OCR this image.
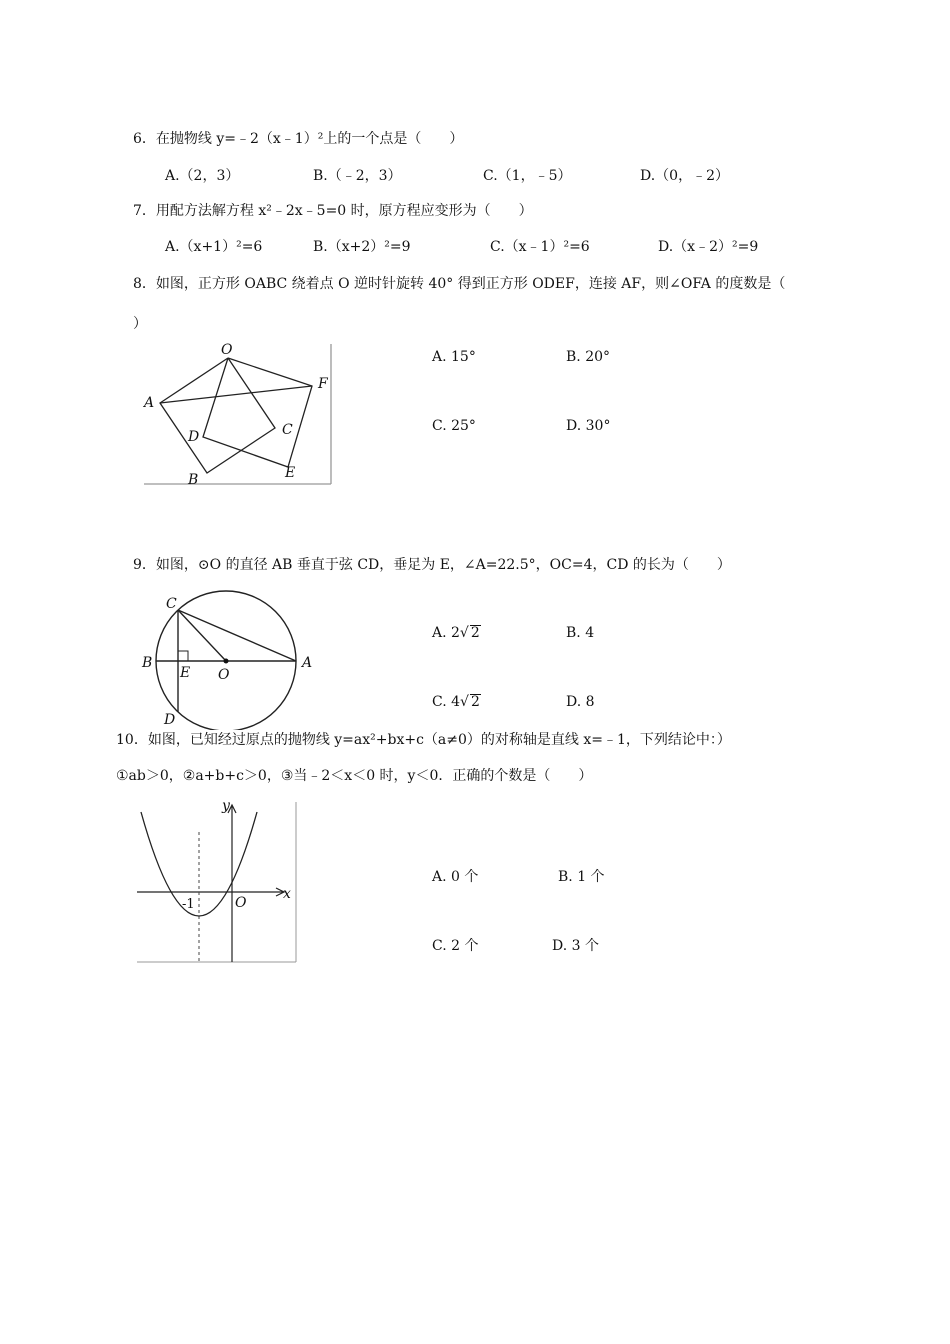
6．在抛物线 y=﹣2（x﹣1）²上的一个点是（　　）
A.（2，3）	B.（﹣2，3）	C.（1，﹣5）	D.（0，﹣2）
7．用配方法解方程 x²﹣2x﹣5=0 时，原方程应变形为（　　）
A.（x+1）²=6	B.（x+2）²=9	C.（x﹣1）²=6	D.（x﹣2）²=9
8．如图，正方形 OABC 绕着点 O 逆时针旋转 40° 得到正方形 ODEF，连接 AF，则∠OFA 的度数是（
）
O
A
F
D	C
B	E
A. 15°	B. 20°
C. 25°	D. 30°
9．如图，⊙O 的直径 AB 垂直于弦 CD，垂足为 E，∠A=22.5°，OC=4，CD 的长为（　　）
C
B
E O
A
D
A. 2√ 2	B. 4
C. 4√ 2	D. 8
10．如图，已知经过原点的抛物线 y=ax²+bx+c（a≠0）的对称轴是直线 x=﹣1，下列结论中：）
①ab＞0，②a+b+c＞0，③当﹣2＜x＜0 时，y＜0．正确的个数是（　　）
y
x
O
-1
A. 0 个	B. 1 个
C. 2 个	D. 3 个
